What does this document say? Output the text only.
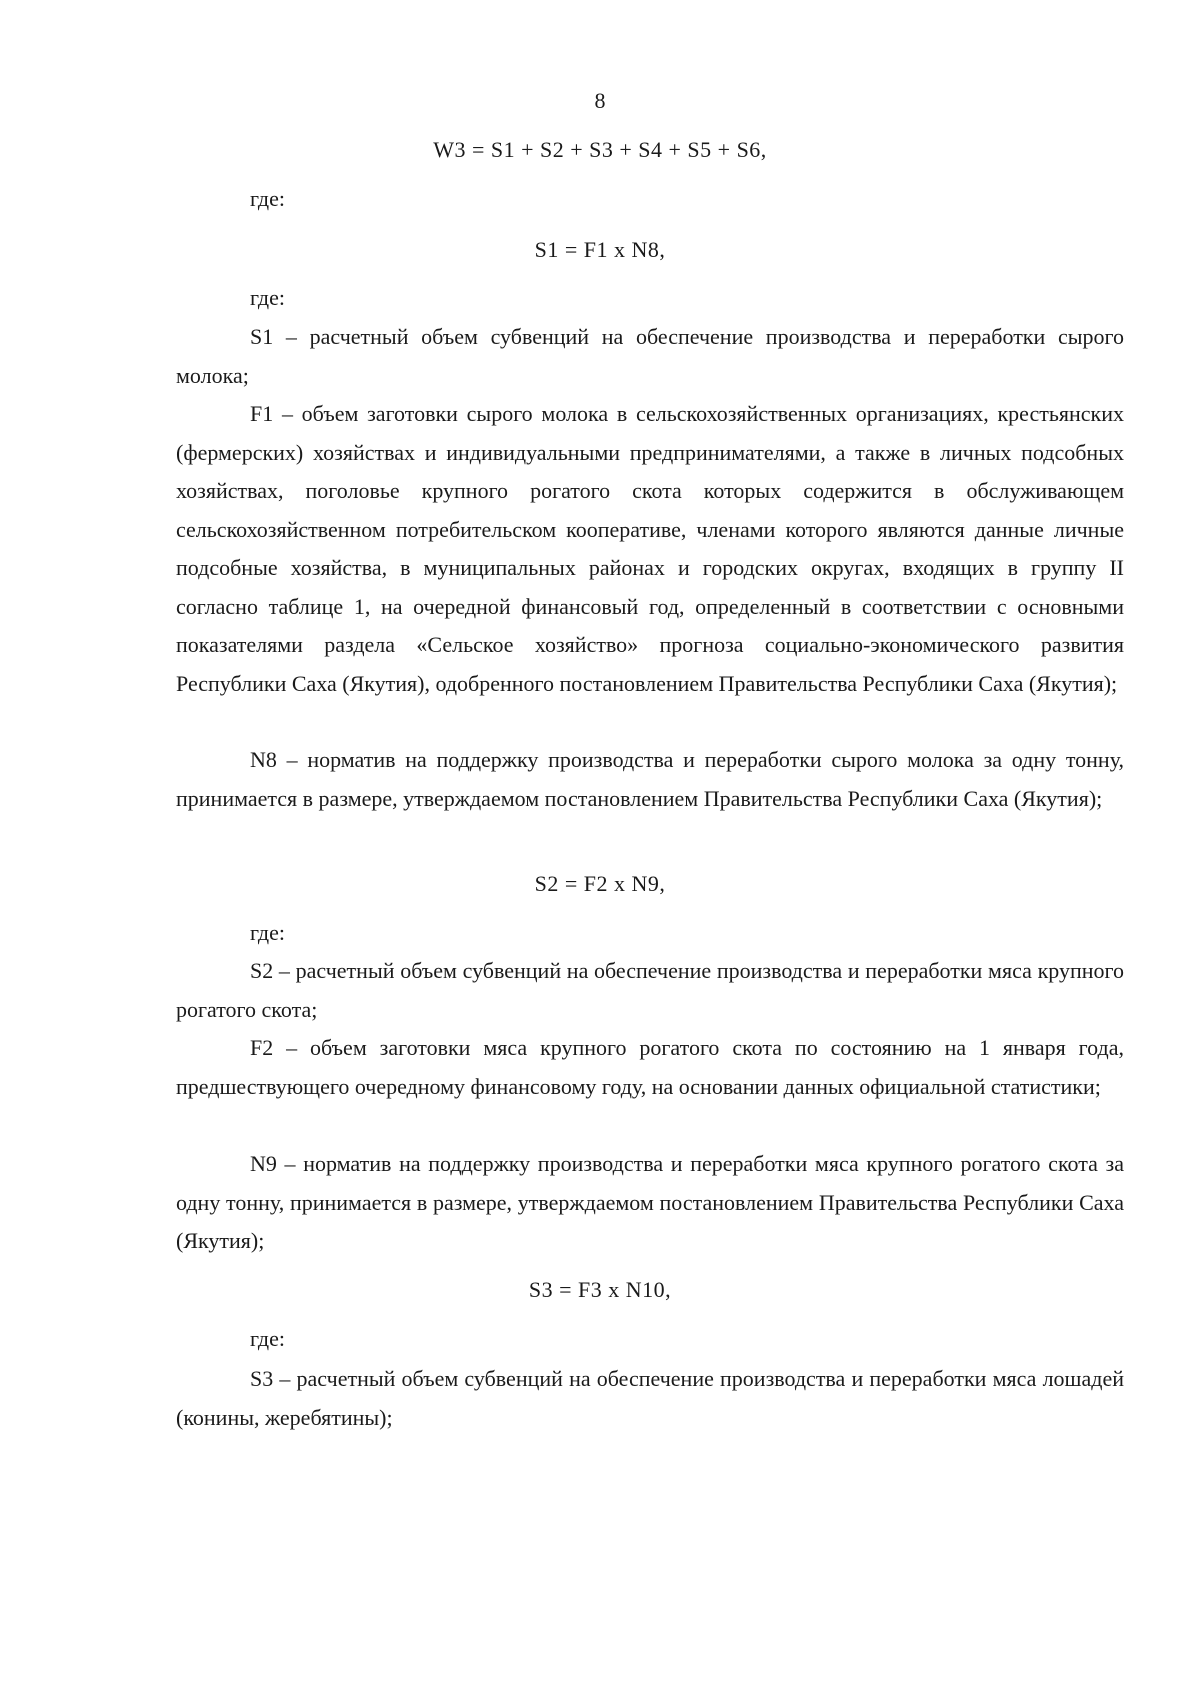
8
W3 = S1 + S2 + S3 + S4 + S5 + S6,
где:
S1 = F1 x N8,
где:
S1 – расчетный объем субвенций на обеспечение производства и переработки сырого молока;
F1 – объем заготовки сырого молока в сельскохозяйственных организациях, крестьянских (фермерских) хозяйствах и индивидуальными предпринимателями, а также в личных подсобных хозяйствах, поголовье крупного рогатого скота которых содержится в обслуживающем сельскохозяйственном потребительском кооперативе, членами которого являются данные личные подсобные хозяйства, в муниципальных районах и городских округах, входящих в группу II согласно таблице 1, на очередной финансовый год, определенный в соответствии с основными показателями раздела «Сельское хозяйство» прогноза социально-экономического развития Республики Саха (Якутия), одобренного постановлением Правительства Республики Саха (Якутия);
N8 – норматив на поддержку производства и переработки сырого молока за одну тонну, принимается в размере, утверждаемом постановлением Правительства Республики Саха (Якутия);
S2 = F2 x N9,
где:
S2 – расчетный объем субвенций на обеспечение производства и переработки мяса крупного рогатого скота;
F2 – объем заготовки мяса крупного рогатого скота по состоянию на 1 января года, предшествующего очередному финансовому году, на основании данных официальной статистики;
N9 – норматив на поддержку производства и переработки мяса крупного рогатого скота за одну тонну, принимается в размере, утверждаемом постановлением Правительства Республики Саха (Якутия);
S3 = F3 x N10,
где:
S3 – расчетный объем субвенций на обеспечение производства и переработки мяса лошадей (конины, жеребятины);
